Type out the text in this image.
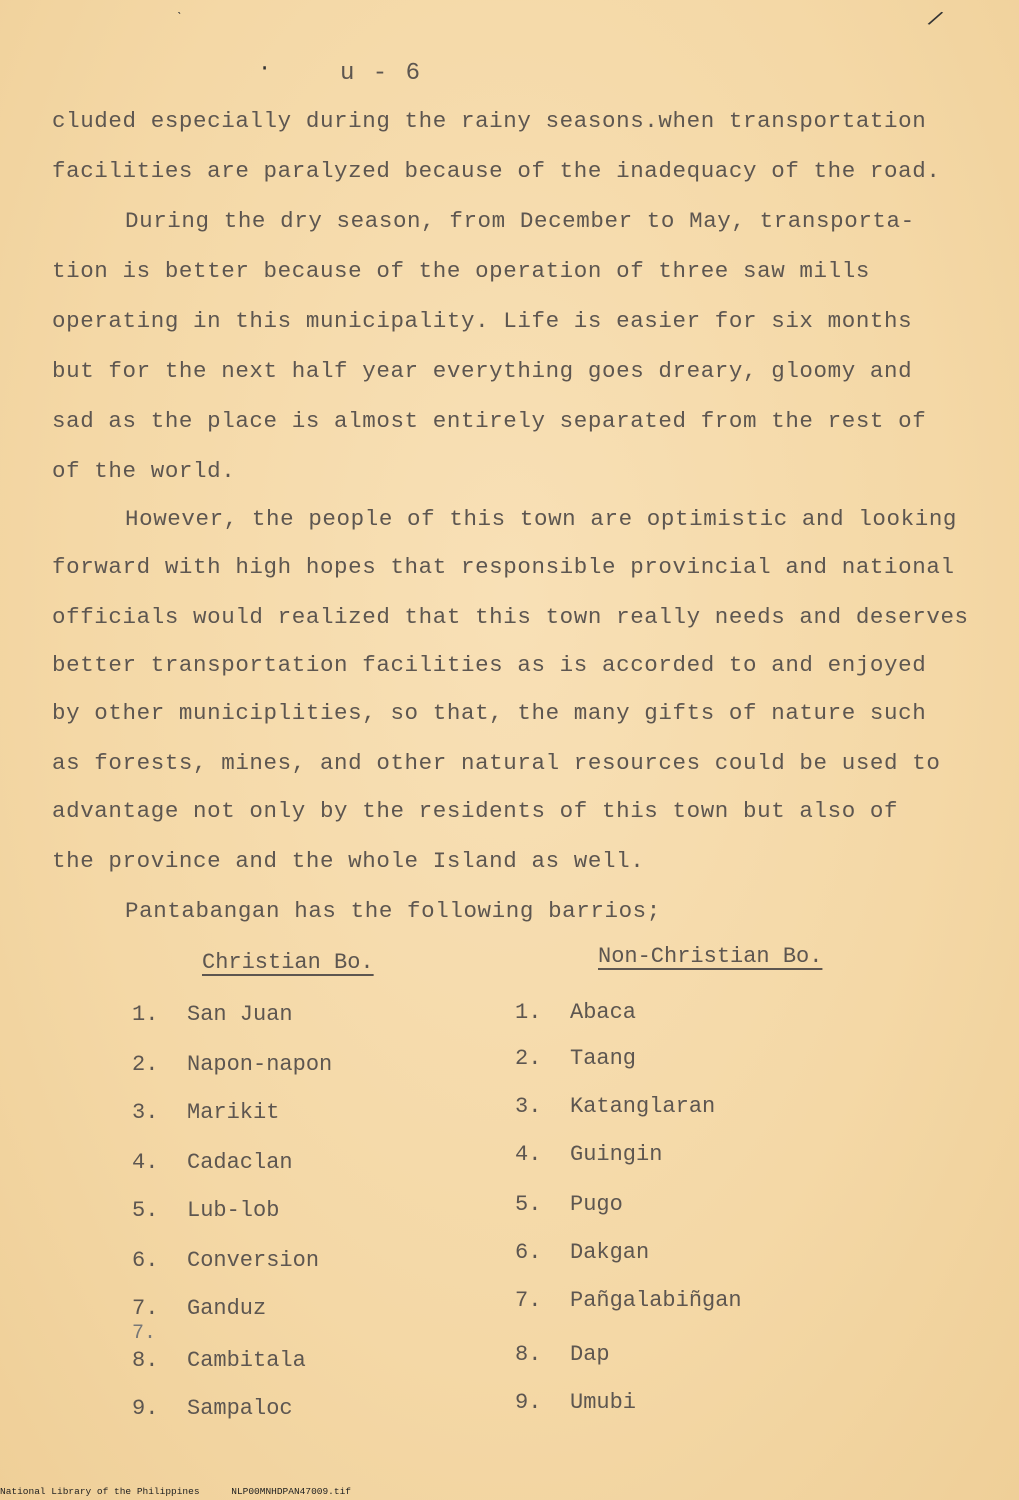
ˎ	/
·	u - 6
cluded especially during the rainy seasons.when transportation
facilities are paralyzed because of the inadequacy of the road.
During the dry season, from December to May, transporta-
tion is better because of the operation of three saw mills
operating in this municipality. Life is easier for six months
but for the next half year everything goes dreary, gloomy and
sad as the place is almost entirely separated from the rest of
of the world.
However, the people of this town are optimistic and looking
forward with high hopes that responsible provincial and national
officials would realized that this town really needs and deserves
better transportation facilities as is accorded to and enjoyed
by other municiplities, so that, the many gifts of nature such
as forests, mines, and other natural resources could be used to
advantage not only by the residents of this town but also of
the province and the whole Island as well.
Pantabangan has the following barrios;
Christian Bo.	Non-Christian Bo.
1. San Juan
2. Napon-napon
3. Marikit
4. Cadaclan
5. Lub-lob
6. Conversion
7. Ganduz
7.
8. Cambitala
9. Sampaloc
1. Abaca
2. Taang
3. Katanglaran
4. Guingin
5. Pugo
6. Dakgan
7. Pañgalabiñgan
8. Dap
9. Umubi
National Library of the Philippines	NLP00MNHDPAN47009.tif
